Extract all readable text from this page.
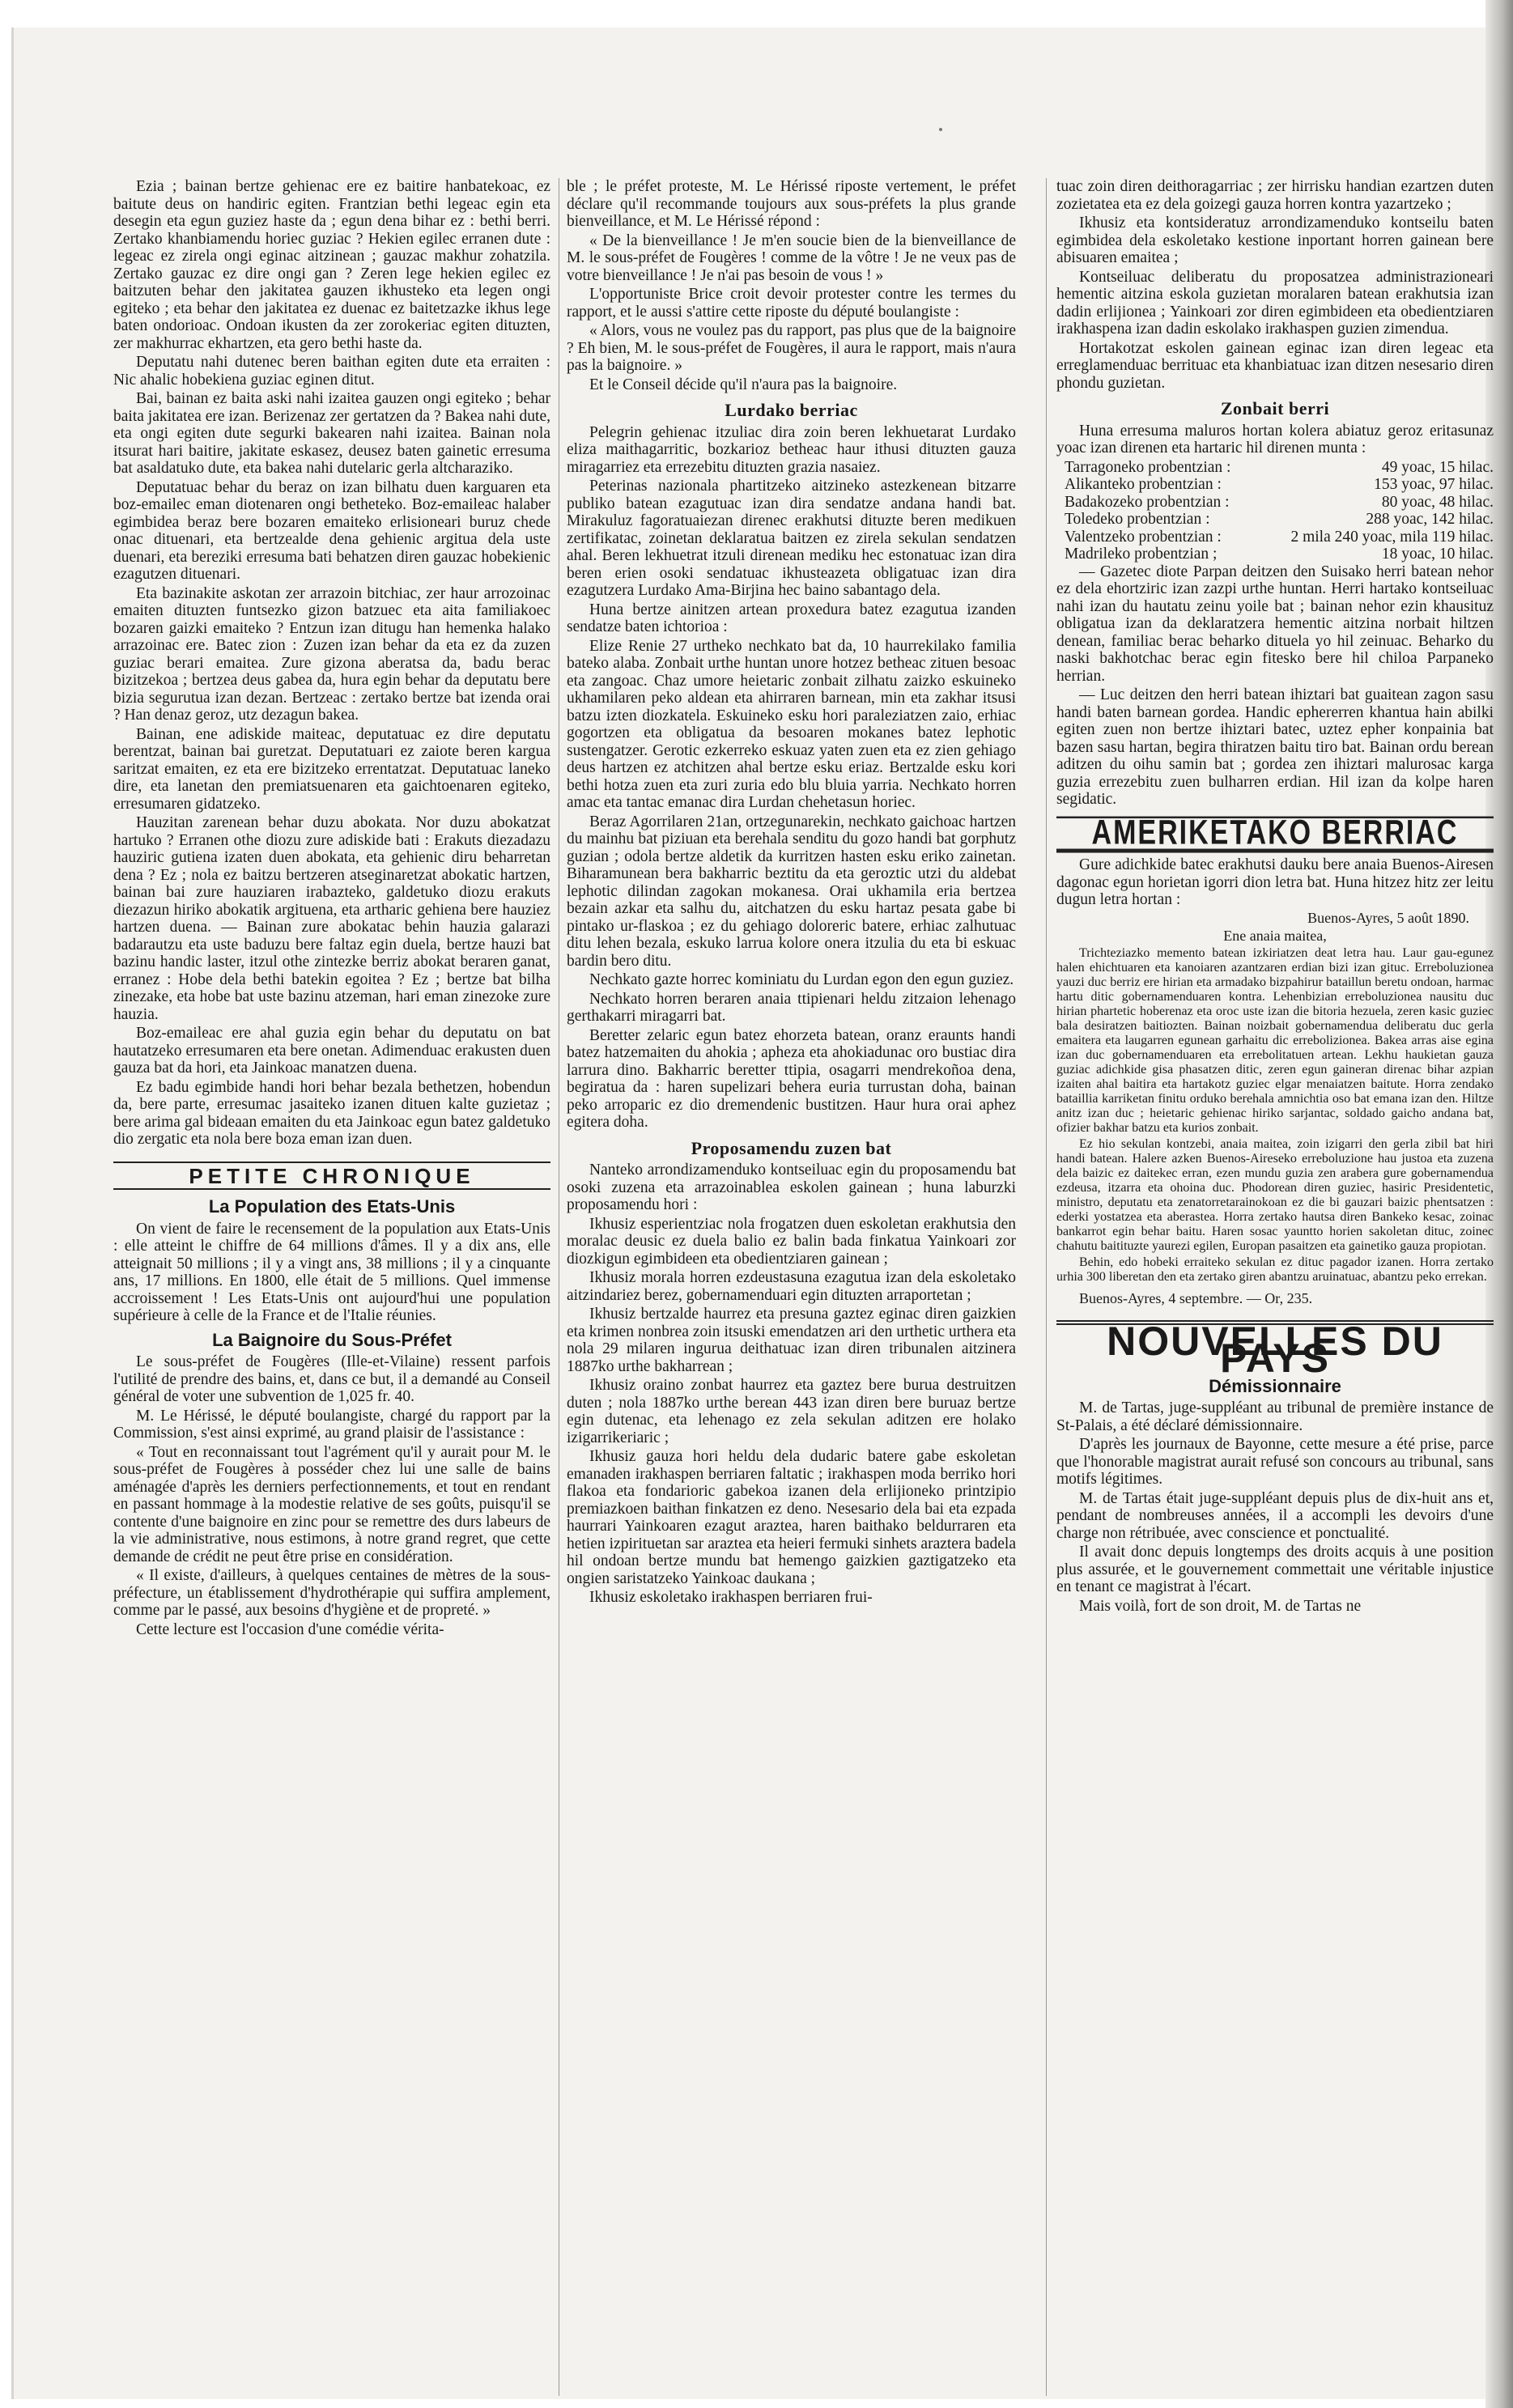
Ezia ; bainan bertze gehienac ere ez baitire hanbatekoac, ez baitute deus on handiric egiten. Frantzian bethi legeac egin eta desegin eta egun guziez haste da ; egun dena bihar ez : bethi berri. Zertako khanbiamendu horiec guziac ? Hekien egilec erranen dute : legeac ez zirela ongi eginac aitzinean ; gauzac makhur zohatzila. Zertako gauzac ez dire ongi gan ? Zeren lege hekien egilec ez baitzuten behar den jakitatea gauzen ikhusteko eta legen ongi egiteko ; eta behar den jakitatea ez duenac ez baitetzazke ikhus lege baten ondorioac. Ondoan ikusten da zer zorokeriac egiten dituzten, zer makhurrac ekhartzen, eta gero bethi haste da.

Deputatu nahi dutenec beren baithan egiten dute eta erraiten : Nic ahalic hobekiena guziac eginen ditut.

Bai, bainan ez baita aski nahi izaitea gauzen ongi egiteko ; behar baita jakitatea ere izan. Berizenaz zer gertatzen da ? Bakea nahi dute, eta ongi egiten dute segurki bakearen nahi izaitea. Bainan nola itsurat hari baitire, jakitate eskasez, deusez baten gainetic erresuma bat asaldatuko dute, eta bakea nahi dutelaric gerla altcharaziko.

Deputatuac behar du beraz on izan bilhatu duen karguaren eta boz-emailec eman diotenaren ongi betheteko. Boz-emaileac halaber egimbidea beraz bere bozaren emaiteko erlisioneari buruz chede onac dituenari, eta bertzealde dena gehienic argitua dela uste duenari, eta bereziki erresuma bati behatzen diren gauzac hobekienic ezagutzen dituenari.

Eta bazinakite askotan zer arrazoin bitchiac, zer haur arrozoinac emaiten dituzten funtsezko gizon batzuec eta aita familiakoec bozaren gaizki emaiteko ? Entzun izan ditugu han hemenka halako arrazoinac ere. Batec zion : Zuzen izan behar da eta ez da zuzen guziac berari emaitea. Zure gizona aberatsa da, badu berac bizitzekoa ; bertzea deus gabea da, hura egin behar da deputatu bere bizia segurutua izan dezan. Bertzeac : zertako bertze bat izenda orai ? Han denaz geroz, utz dezagun bakea.

Bainan, ene adiskide maiteac, deputatuac ez dire deputatu berentzat, bainan bai guretzat. Deputatuari ez zaiote beren kargua saritzat emaiten, ez eta ere bizitzeko errentatzat. Deputatuac laneko dire, eta lanetan den premiatsuenaren eta gaichtoenaren egiteko, erresumaren gidatzeko.

Hauzitan zarenean behar duzu abokata. Nor duzu abokatzat hartuko ? Erranen othe diozu zure adiskide bati : Erakuts diezadazu hauziric gutiena izaten duen abokata, eta gehienic diru beharretan dena ? Ez ; nola ez baitzu bertzeren atseginaretzat abokatic hartzen, bainan bai zure hauziaren irabazteko, galdetuko diozu erakuts diezazun hiriko abokatik argituena, eta artharic gehiena bere hauziez hartzen duena. — Bainan zure abokatac behin hauzia galarazi badarautzu eta uste baduzu bere faltaz egin duela, bertze hauzi bat bazinu handic laster, itzul othe zintezke berriz abokat beraren ganat, erranez : Hobe dela bethi batekin egoitea ? Ez ; bertze bat bilha zinezake, eta hobe bat uste bazinu atzeman, hari eman zinezoke zure hauzia.

Boz-emaileac ere ahal guzia egin behar du deputatu on bat hautatzeko erresumaren eta bere onetan. Adimenduac erakusten duen gauza bat da hori, eta Jainkoac manatzen duena.

Ez badu egimbide handi hori behar bezala bethetzen, hobendun da, bere parte, erresumac jasaiteko izanen dituen kalte guzietaz ; bere arima gal bideaan emaiten du eta Jainkoac egun batez galdetuko dio zergatic eta nola bere boza eman izan duen.

PETITE CHRONIQUE
La Population des Etats-Unis

On vient de faire le recensement de la population aux Etats-Unis : elle atteint le chiffre de 64 millions d'âmes. Il y a dix ans, elle atteignait 50 millions ; il y a vingt ans, 38 millions ; il y a cinquante ans, 17 millions. En 1800, elle était de 5 millions. Quel immense accroissement ! Les Etats-Unis ont aujourd'hui une population supérieure à celle de la France et de l'Italie réunies.

La Baignoire du Sous-Préfet

Le sous-préfet de Fougères (Ille-et-Vilaine) ressent parfois l'utilité de prendre des bains, et, dans ce but, il a demandé au Conseil général de voter une subvention de 1,025 fr. 40.

M. Le Hérissé, le député boulangiste, chargé du rapport par la Commission, s'est ainsi exprimé, au grand plaisir de l'assistance :

« Tout en reconnaissant tout l'agrément qu'il y aurait pour M. le sous-préfet de Fougères à posséder chez lui une salle de bains aménagée d'après les derniers perfectionnements, et tout en rendant en passant hommage à la modestie relative de ses goûts, puisqu'il se contente d'une baignoire en zinc pour se remettre des durs labeurs de la vie administrative, nous estimons, à notre grand regret, que cette demande de crédit ne peut être prise en considération.

« Il existe, d'ailleurs, à quelques centaines de mètres de la sous-préfecture, un établissement d'hydrothérapie qui suffira amplement, comme par le passé, aux besoins d'hygiène et de propreté. »

Cette lecture est l'occasion d'une comédie vérita-

ble ; le préfet proteste, M. Le Hérissé riposte vertement, le préfet déclare qu'il recommande toujours aux sous-préfets la plus grande bienveillance, et M. Le Hérissé répond :

« De la bienveillance ! Je m'en soucie bien de la bienveillance de M. le sous-préfet de Fougères ! comme de la vôtre ! Je ne veux pas de votre bienveillance ! Je n'ai pas besoin de vous ! »

L'opportuniste Brice croit devoir protester contre les termes du rapport, et le aussi s'attire cette riposte du député boulangiste :

« Alors, vous ne voulez pas du rapport, pas plus que de la baignoire ? Eh bien, M. le sous-préfet de Fougères, il aura le rapport, mais n'aura pas la baignoire. »

Et le Conseil décide qu'il n'aura pas la baignoire.

Lurdako berriac

Pelegrin gehienac itzuliac dira zoin beren lekhuetarat Lurdako eliza maithagarritic, bozkarioz betheac haur ithusi dituzten gauza miragarriez eta errezebitu dituzten grazia nasaiez.

Peterinas nazionala phartitzeko aitzineko astezkenean bitzarre publiko batean ezagutuac izan dira sendatze andana handi bat. Mirakuluz fagoratuaiezan direnec erakhutsi dituzte beren medikuen zertifikatac, zoinetan deklaratua baitzen ez zirela sekulan sendatzen ahal. Beren lekhuetrat itzuli direnean mediku hec estonatuac izan dira beren erien osoki sendatuac ikhusteazeta obligatuac izan dira ezagutzera Lurdako Ama-Birjina hec baino sabantago dela.

Huna bertze ainitzen artean proxedura batez ezagutua izanden sendatze baten ichtorioa :

Elize Renie 27 urtheko nechkato bat da, 10 haurrekilako familia bateko alaba. Zonbait urthe huntan unore hotzez betheac zituen besoac eta zangoac. Chaz umore heietaric zonbait zilhatu zaizko eskuineko ukhamilaren peko aldean eta ahirraren barnean, min eta zakhar itsusi batzu izten diozkatela. Eskuineko esku hori paraleziatzen zaio, erhiac gogortzen eta obligatua da besoaren mokanes batez lephotic sustengatzer. Gerotic ezkerreko eskuaz yaten zuen eta ez zien gehiago deus hartzen ez atchitzen ahal bertze esku eriaz. Bertzalde esku kori bethi hotza zuen eta zuri zuria edo blu bluia yarria. Nechkato horren amac eta tantac emanac dira Lurdan chehetasun horiec.

Beraz Agorrilaren 21an, ortzegunarekin, nechkato gaichoac hartzen du mainhu bat piziuan eta berehala senditu du gozo handi bat gorphutz guzian ; odola bertze aldetik da kurritzen hasten esku eriko zainetan. Biharamunean bera bakharric beztitu da eta geroztic utzi du aldebat lephotic dilindan zagokan mokanesa. Orai ukhamila eria bertzea bezain azkar eta salhu du, aitchatzen du esku hartaz pesata gabe bi pintako ur-flaskoa ; ez du gehiago doloreric batere, erhiac zalhutuac ditu lehen bezala, eskuko larrua kolore onera itzulia du eta bi eskuac bardin bero ditu.

Nechkato gazte horrec kominiatu du Lurdan egon den egun guziez.

Nechkato horren beraren anaia ttipienari heldu zitzaion lehenago gerthakarri miragarri bat.

Beretter zelaric egun batez ehorzeta batean, oranz eraunts handi batez hatzemaiten du ahokia ; apheza eta ahokiadunac oro bustiac dira larrura dino. Bakharric beretter ttipia, osagarri mendrekoñoa dena, begiratua da : haren supelizari behera euria turrustan doha, bainan peko arroparic ez dio dremendenic bustitzen. Haur hura orai aphez egitera doha.

Proposamendu zuzen bat

Nanteko arrondizamenduko kontseiluac egin du proposamendu bat osoki zuzena eta arrazoinablea eskolen gainean ; huna laburzki proposamendu hori :

Ikhusiz esperientziac nola frogatzen duen eskoletan erakhutsia den moralac deusic ez duela balio ez balin bada finkatua Yainkoari zor diozkigun egimbideen eta obedientziaren gainean ;

Ikhusiz morala horren ezdeustasuna ezagutua izan dela eskoletako aitzindariez berez, gobernamenduari egin dituzten arraportetan ;

Ikhusiz bertzalde haurrez eta presuna gaztez eginac diren gaizkien eta krimen nonbrea zoin itsuski emendatzen ari den urthetic urthera eta nola 29 milaren ingurua deithatuac izan diren tribunalen aitzinera 1887ko urthe bakharrean ;

Ikhusiz oraino zonbat haurrez eta gaztez bere burua destruitzen duten ; nola 1887ko urthe berean 443 izan diren bere buruaz bertze egin dutenac, eta lehenago ez zela sekulan aditzen ere holako izigarrikeriaric ;

Ikhusiz gauza hori heldu dela dudaric batere gabe eskoletan emanaden irakhaspen berriaren faltatic ; irakhaspen moda berriko hori flakoa eta fondarioric gabekoa izanen dela erlijioneko printzipio premiazkoen baithan finkatzen ez deno. Nesesario dela bai eta ezpada haurrari Yainkoaren ezagut araztea, haren baithako beldurraren eta hetien izpirituetan sar araztea eta heieri fermuki sinhets araztera badela hil ondoan bertze mundu bat hemengo gaizkien gaztigatzeko eta ongien saristatzeko Yainkoac daukana ;

Ikhusiz eskoletako irakhaspen berriaren frui-

tuac zoin diren deithoragarriac ; zer hirrisku handian ezartzen duten zozietatea eta ez dela goizegi gauza horren kontra yazartzeko ;

Ikhusiz eta kontsideratuz arrondizamenduko kontseilu baten egimbidea dela eskoletako kestione inportant horren gainean bere abisuaren emaitea ;

Kontseiluac deliberatu du proposatzea administrazioneari hementic aitzina eskola guzietan moralaren batean erakhutsia izan dadin erlijionea ; Yainkoari zor diren egimbideen eta obedientziaren irakhaspena izan dadin eskolako irakhaspen guzien zimendua.

Hortakotzat eskolen gainean eginac izan diren legeac eta erreglamenduac berrituac eta khanbiatuac izan ditzen nesesario diren phondu guzietan.

Zonbait berri

Huna erresuma maluros hortan kolera abiatuz geroz eritasunaz yoac izan direnen eta hartaric hil direnen munta :

Tarragoneko probentzian :	49 yoac, 15 hilac.
Alikanteko probentzian :	153 yoac, 97 hilac.
Badakozeko probentzian :	80 yoac, 48 hilac.
Toledeko probentzian :	288 yoac, 142 hilac.
Valentzeko probentzian :	2 mila 240 yoac, mila 119 hilac.
Madrileko probentzian ;	18 yoac, 10 hilac.

— Gazetec diote Parpan deitzen den Suisako herri batean nehor ez dela ehortziric izan zazpi urthe huntan. Herri hartako kontseiluac nahi izan du hautatu zeinu yoile bat ; bainan nehor ezin khausituz obligatua izan da deklaratzera hementic aitzina norbait hiltzen denean, familiac berac beharko dituela yo hil zeinuac. Beharko du naski bakhotchac berac egin fitesko bere hil chiloa Parpaneko herrian.

— Luc deitzen den herri batean ihiztari bat guaitean zagon sasu handi baten barnean gordea. Handic ephererren khantua hain abilki egiten zuen non bertze ihiztari batec, uztez epher konpainia bat bazen sasu hartan, begira thiratzen baitu tiro bat. Bainan ordu berean aditzen du oihu samin bat ; gordea zen ihiztari malurosac karga guzia errezebitu zuen bulharren erdian. Hil izan da kolpe haren segidatic.

AMERIKETAKO BERRIAC

Gure adichkide batec erakhutsi dauku bere anaia Buenos-Airesen dagonac egun horietan igorri dion letra bat. Huna hitzez hitz zer leitu dugun letra hortan :

Buenos-Ayres, 5 août 1890.
Ene anaia maitea,

Trichteziazko memento batean izkiriatzen deat letra hau. Laur gau-egunez halen ehichtuaren eta kanoiaren azantzaren erdian bizi izan gituc. Erreboluzionea yauzi duc berriz ere hirian eta armadako bizpahirur bataillun beretu ondoan, harmac hartu ditic gobernamenduaren kontra. Lehenbizian erreboluzionea nausitu duc hirian phartetic hoberenaz eta oroc uste izan die bitoria hezuela, zeren kasic guziec bala desiratzen baitiozten. Bainan noizbait gobernamendua deliberatu duc gerla emaitera eta laugarren egunean garhaitu dic errebolizionea. Bakea arras aise egina izan duc gobernamenduaren eta errebolitatuen artean. Lekhu haukietan gauza guziac adichkide gisa phasatzen ditic, zeren egun gaineran direnac bihar azpian izaiten ahal baitira eta hartakotz guziec elgar menaiatzen baitute. Horra zendako bataillia karriketan finitu orduko berehala amnichtia oso bat emana izan den. Hiltze anitz izan duc ; heietaric gehienac hiriko sarjantac, soldado gaicho andana bat, ofizier bakhar batzu eta kurios zonbait.

Ez hio sekulan kontzebi, anaia maitea, zoin izigarri den gerla zibil bat hiri handi batean. Halere azken Buenos-Aireseko erreboluzione hau justoa eta zuzena dela baizic ez daitekec erran, ezen mundu guzia zen arabera gure gobernamendua ezdeusa, itzarra eta ohoina duc. Phodorean diren guziec, hasiric Presidentetic, ministro, deputatu eta zenatorretarainokoan ez die bi gauzari baizic phentsatzen : ederki yostatzea eta aberastea. Horra zertako hautsa diren Bankeko kesac, zoinac bankarrot egin behar baitu. Haren sosac yauntto horien sakoletan dituc, zoinec chahutu baitituzte yaurezi egilen, Europan pasaitzen eta gainetiko gauza propiotan.

Behin, edo hobeki erraiteko sekulan ez dituc pagador izanen. Horra zertako urhia 300 liberetan den eta zertako giren abantzu aruinatuac, abantzu peko errekan.

Buenos-Ayres, 4 septembre. — Or, 235.

NOUVELLES DU PAYS
Démissionnaire

M. de Tartas, juge-suppléant au tribunal de première instance de St-Palais, a été déclaré démissionnaire.

D'après les journaux de Bayonne, cette mesure a été prise, parce que l'honorable magistrat aurait refusé son concours au tribunal, sans motifs légitimes.

M. de Tartas était juge-suppléant depuis plus de dix-huit ans et, pendant de nombreuses années, il a accompli les devoirs d'une charge non rétribuée, avec conscience et ponctualité.

Il avait donc depuis longtemps des droits acquis à une position plus assurée, et le gouvernement commettait une véritable injustice en tenant ce magistrat à l'écart.

Mais voilà, fort de son droit, M. de Tartas ne
